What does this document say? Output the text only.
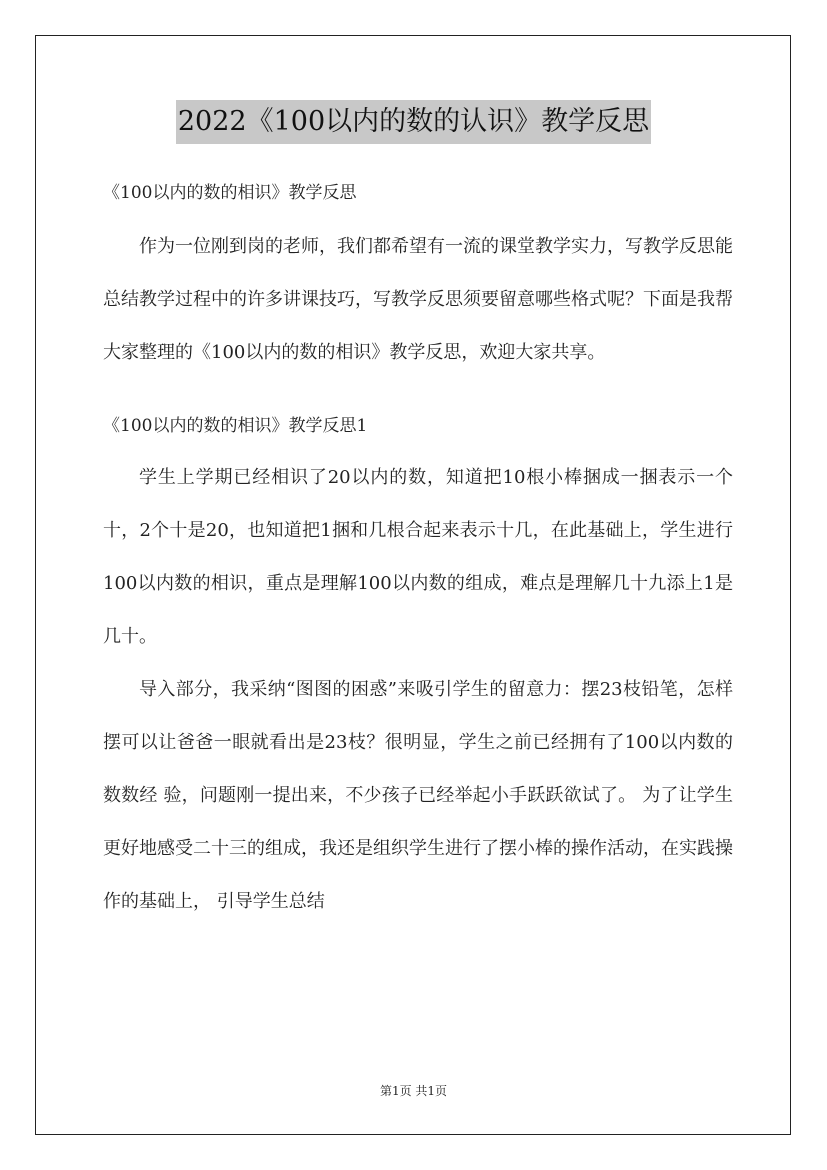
2022《100以内的数的认识》教学反思

《100以内的数的相识》教学反思

作为一位刚到岗的老师，我们都希望有一流的课堂教学实力，写教学反思能总结教学过程中的许多讲课技巧，写教学反思须要留意哪些格式呢？下面是我帮大家整理的《100以内的数的相识》教学反思，欢迎大家共享。

《100以内的数的相识》教学反思1

学生上学期已经相识了20以内的数，知道把10根小棒捆成一捆表示一个十，2个十是20，也知道把1捆和几根合起来表示十几，在此基础上，学生进行100以内数的相识，重点是理解100以内数的组成，难点是理解几十九添上1是几十。

导入部分，我采纳“图图的困惑”来吸引学生的留意力：摆23枝铅笔，怎样摆可以让爸爸一眼就看出是23枝？很明显，学生之前已经拥有了100以内数的数数经 验，问题刚一提出来，不少孩子已经举起小手跃跃欲试了。 为了让学生更好地感受二十三的组成，我还是组织学生进行了摆小棒的操作活动，在实践操作的基础上， 引导学生总结

第1页 共1页
